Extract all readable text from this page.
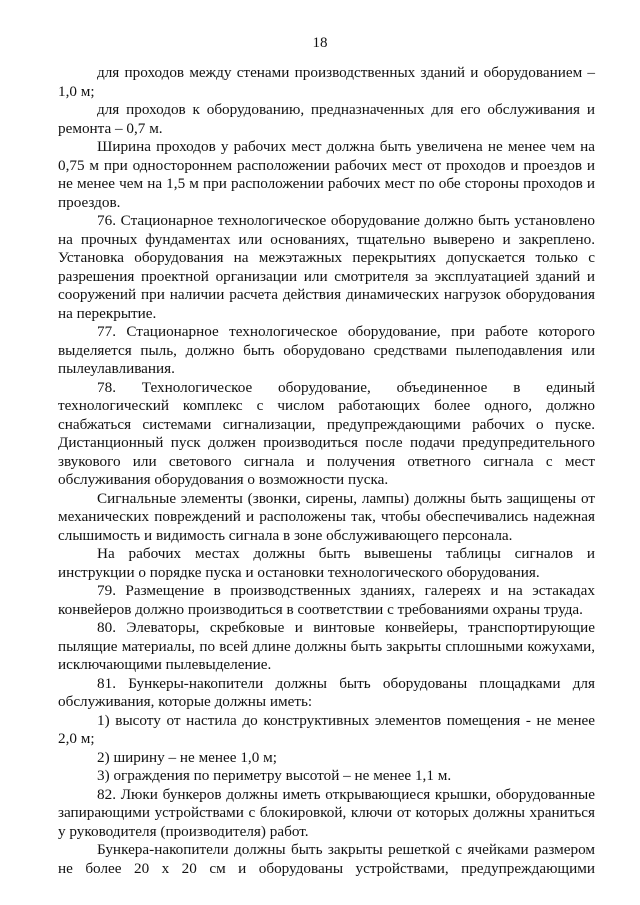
18

для проходов между стенами производственных зданий и оборудованием – 1,0 м;

для проходов к оборудованию, предназначенных для его обслуживания и ремонта – 0,7 м.

Ширина проходов у рабочих мест должна быть увеличена не менее чем на 0,75 м при одностороннем расположении рабочих мест от проходов и проездов и не менее чем на 1,5 м при расположении рабочих мест по обе стороны проходов и проездов.

76. Стационарное технологическое оборудование должно быть установлено на прочных фундаментах или основаниях, тщательно выверено и закреплено. Установка оборудования на межэтажных перекрытиях допускается только с разрешения проектной организации или смотрителя за эксплуатацией зданий и сооружений при наличии расчета действия динамических нагрузок оборудования на перекрытие.

77. Стационарное технологическое оборудование, при работе которого выделяется пыль, должно быть оборудовано средствами пылеподавления или пылеулавливания.

78. Технологическое оборудование, объединенное в единый технологический комплекс с числом работающих более одного, должно снабжаться системами сигнализации, предупреждающими рабочих о пуске. Дистанционный пуск должен производиться после подачи предупредительного звукового или светового сигнала и получения ответного сигнала с мест обслуживания оборудования о возможности пуска.

Сигнальные элементы (звонки, сирены, лампы) должны быть защищены от механических повреждений и расположены так, чтобы обеспечивались надежная слышимость и видимость сигнала в зоне обслуживающего персонала.

На рабочих местах должны быть вывешены таблицы сигналов и инструкции о порядке пуска и остановки технологического оборудования.

79. Размещение в производственных зданиях, галереях и на эстакадах конвейеров должно производиться в соответствии с требованиями охраны труда.

80. Элеваторы, скребковые и винтовые конвейеры, транспортирующие пылящие материалы, по всей длине должны быть закрыты сплошными кожухами, исключающими пылевыделение.

81. Бункеры-накопители должны быть оборудованы площадками для обслуживания, которые должны иметь:

1) высоту от настила до конструктивных элементов помещения - не менее 2,0 м;

2) ширину – не менее 1,0 м;

3) ограждения по периметру высотой – не менее 1,1 м.

82. Люки бункеров должны иметь открывающиеся крышки, оборудованные запирающими устройствами с блокировкой, ключи от которых должны храниться у руководителя (производителя) работ.

Бункера-накопители должны быть закрыты решеткой с ячейками размером не более 20 х 20 см и оборудованы устройствами, предупреждающими
